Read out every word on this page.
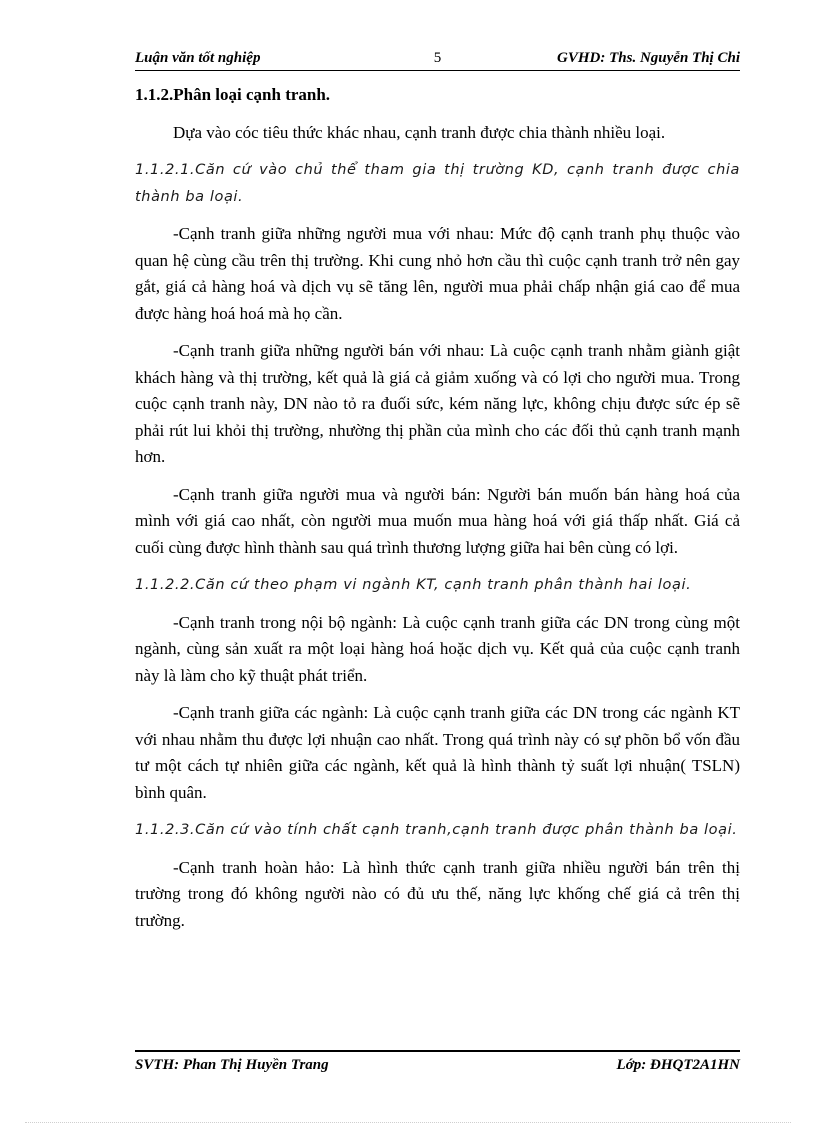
Luận văn tốt nghiệp	5	GVHD: Ths. Nguyễn Thị Chi
1.1.2.Phân loại cạnh tranh.

Dựa vào cóc tiêu thức khác nhau, cạnh tranh được chia thành nhiều loại.

1.1.2.1.Căn cứ vào chủ thể tham gia thị trường KD, cạnh tranh được chia thành ba loại.

-Cạnh tranh giữa những người mua với nhau: Mức độ cạnh tranh phụ thuộc vào quan hệ cùng cầu trên thị trường. Khi cung nhỏ hơn cầu thì cuộc cạnh tranh trở nên gay gắt, giá cả hàng hoá và dịch vụ sẽ tăng lên, người mua phải chấp nhận giá cao để mua được hàng hoá hoá mà họ cần.

-Cạnh tranh giữa những người bán với nhau: Là cuộc cạnh tranh nhằm giành giật khách hàng và thị trường, kết quả là giá cả giảm xuống và có lợi cho người mua. Trong cuộc cạnh tranh này, DN nào tỏ ra đuối sức, kém năng lực, không chịu được sức ép sẽ phải rút lui khỏi thị trường, nhường thị phần của mình cho các đối thủ cạnh tranh mạnh hơn.

-Cạnh tranh giữa người mua và người bán: Người bán muốn bán hàng hoá của mình với giá cao nhất, còn người mua muốn mua hàng hoá với giá thấp nhất. Giá cả cuối cùng được hình thành sau quá trình thương lượng giữa hai bên cùng có lợi.

1.1.2.2.Căn cứ theo phạm vi ngành KT, cạnh tranh phân thành hai loại.

-Cạnh tranh trong nội bộ ngành: Là cuộc cạnh tranh giữa các DN trong cùng một ngành, cùng sản xuất ra một loại hàng hoá hoặc dịch vụ. Kết quả của cuộc cạnh tranh này là làm cho kỹ thuật phát triển.

-Cạnh tranh giữa các ngành: Là cuộc cạnh tranh giữa các DN trong các ngành KT với nhau nhằm thu được lợi nhuận cao nhất. Trong quá trình này có sự phõn bổ vốn đầu tư một cách tự nhiên giữa các ngành, kết quả là hình thành tỷ suất lợi nhuận( TSLN) bình quân.

1.1.2.3.Căn cứ vào tính chất cạnh tranh,cạnh tranh được phân thành ba loại.

-Cạnh tranh hoàn hảo: Là hình thức cạnh tranh giữa nhiều người bán trên thị trường trong đó không người nào có đủ ưu thế, năng lực khống chế giá cả trên thị trường.

SVTH: Phan Thị Huyền Trang	Lớp: ĐHQT2A1HN
